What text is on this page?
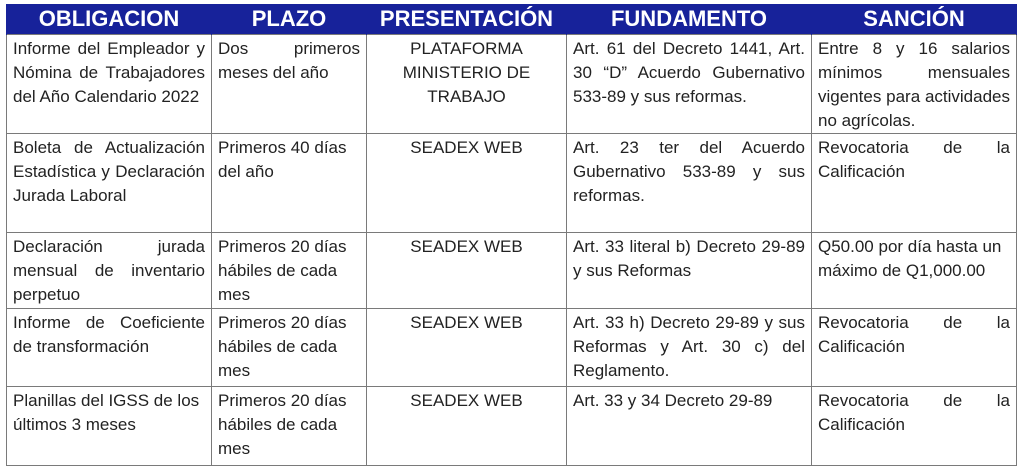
OBLIGACION	PLAZO	PRESENTACIÓN	FUNDAMENTO	SANCIÓN
Informe del Empleador y Nómina de Trabajadores del Año Calendario 2022	Dos primeros meses del año	PLATAFORMA MINISTERIO DE TRABAJO	Art. 61 del Decreto 1441, Art. 30 “D” Acuerdo Gubernativo 533-89 y sus reformas.	Entre 8 y 16 salarios mínimos mensuales vigentes para actividades no agrícolas.
Boleta de Actualización Estadística y Declaración Jurada Laboral	Primeros 40 días del año	SEADEX WEB	Art. 23 ter del Acuerdo Gubernativo 533-89 y sus reformas.	Revocatoria de la Calificación
Declaración jurada mensual de inventario perpetuo	Primeros 20 días hábiles de cada mes	SEADEX WEB	Art. 33 literal b) Decreto 29-89 y sus Reformas	Q50.00 por día hasta un máximo de Q1,000.00
Informe de Coeficiente de transformación	Primeros 20 días hábiles de cada mes	SEADEX WEB	Art. 33 h) Decreto 29-89 y sus Reformas y Art. 30 c) del Reglamento.	Revocatoria de la Calificación
Planillas del IGSS de los últimos 3 meses	Primeros 20 días hábiles de cada mes	SEADEX WEB	Art. 33 y 34 Decreto 29-89	Revocatoria de la Calificación
